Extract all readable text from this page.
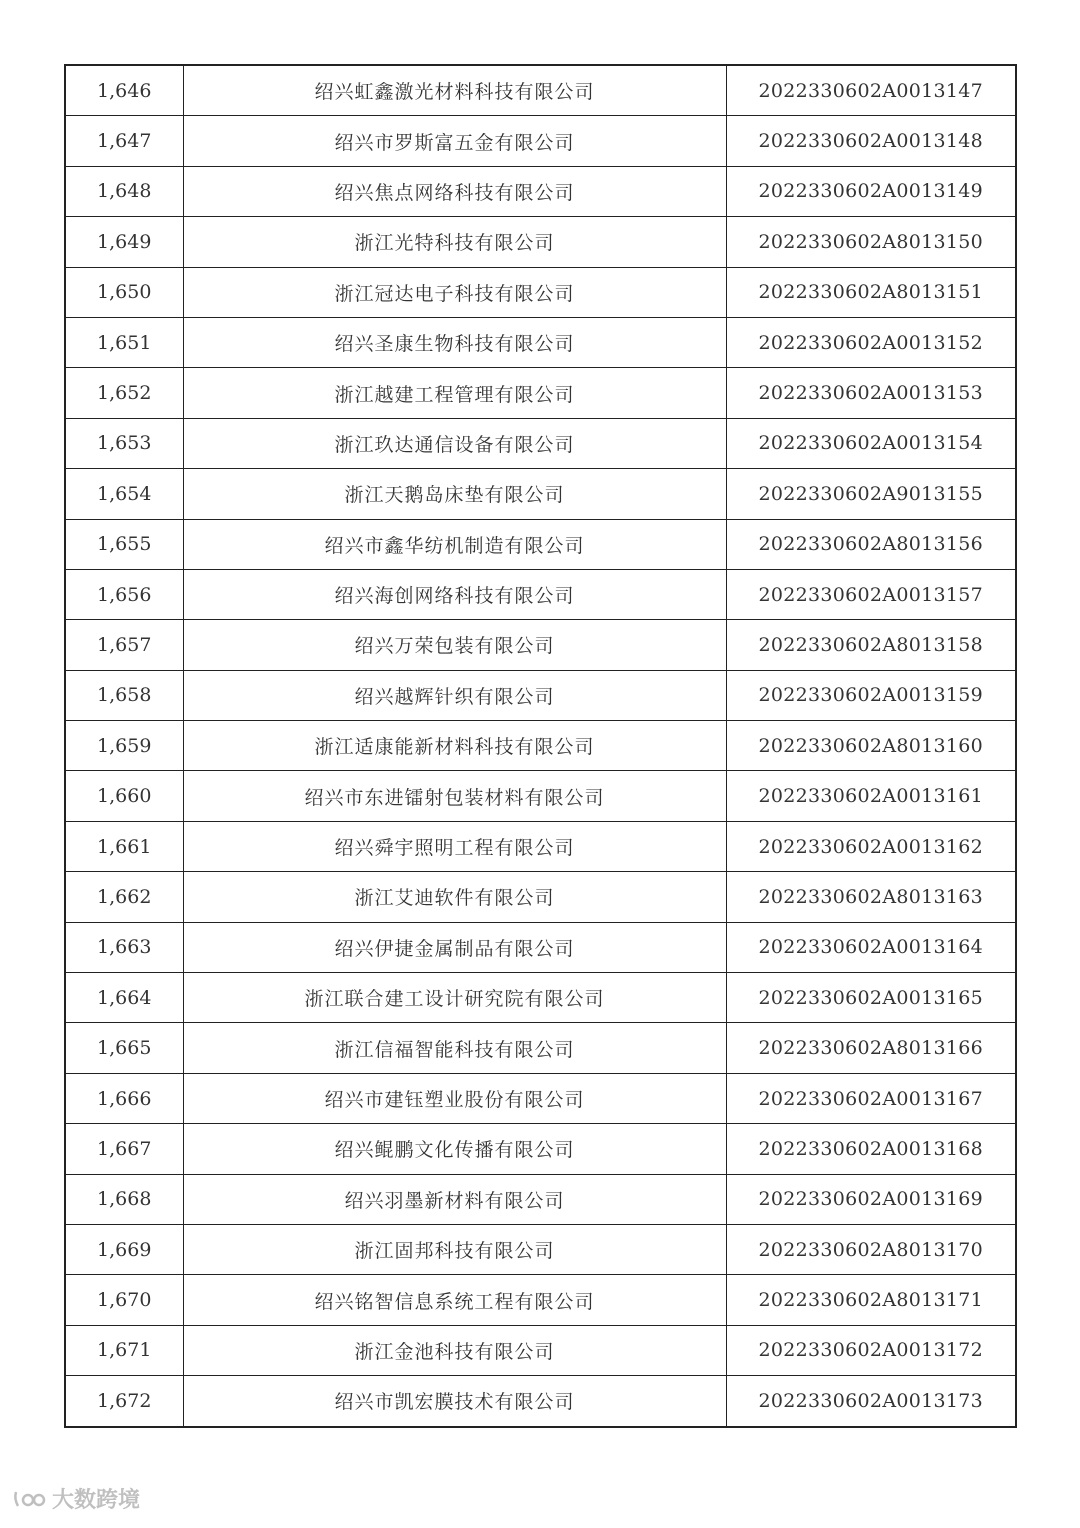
1,646	绍兴虹鑫激光材料科技有限公司	2022330602A0013147
1,647	绍兴市罗斯富五金有限公司	2022330602A0013148
1,648	绍兴焦点网络科技有限公司	2022330602A0013149
1,649	浙江光特科技有限公司	2022330602A8013150
1,650	浙江冠达电子科技有限公司	2022330602A8013151
1,651	绍兴圣康生物科技有限公司	2022330602A0013152
1,652	浙江越建工程管理有限公司	2022330602A0013153
1,653	浙江玖达通信设备有限公司	2022330602A0013154
1,654	浙江天鹅岛床垫有限公司	2022330602A9013155
1,655	绍兴市鑫华纺机制造有限公司	2022330602A8013156
1,656	绍兴海创网络科技有限公司	2022330602A0013157
1,657	绍兴万荣包装有限公司	2022330602A8013158
1,658	绍兴越辉针织有限公司	2022330602A0013159
1,659	浙江适康能新材料科技有限公司	2022330602A8013160
1,660	绍兴市东进镭射包装材料有限公司	2022330602A0013161
1,661	绍兴舜宇照明工程有限公司	2022330602A0013162
1,662	浙江艾迪软件有限公司	2022330602A8013163
1,663	绍兴伊捷金属制品有限公司	2022330602A0013164
1,664	浙江联合建工设计研究院有限公司	2022330602A0013165
1,665	浙江信福智能科技有限公司	2022330602A8013166
1,666	绍兴市建钰塑业股份有限公司	2022330602A0013167
1,667	绍兴鲲鹏文化传播有限公司	2022330602A0013168
1,668	绍兴羽墨新材料有限公司	2022330602A0013169
1,669	浙江固邦科技有限公司	2022330602A8013170
1,670	绍兴铭智信息系统工程有限公司	2022330602A8013171
1,671	浙江金池科技有限公司	2022330602A0013172
1,672	绍兴市凯宏膜技术有限公司	2022330602A0013173
大数跨境
